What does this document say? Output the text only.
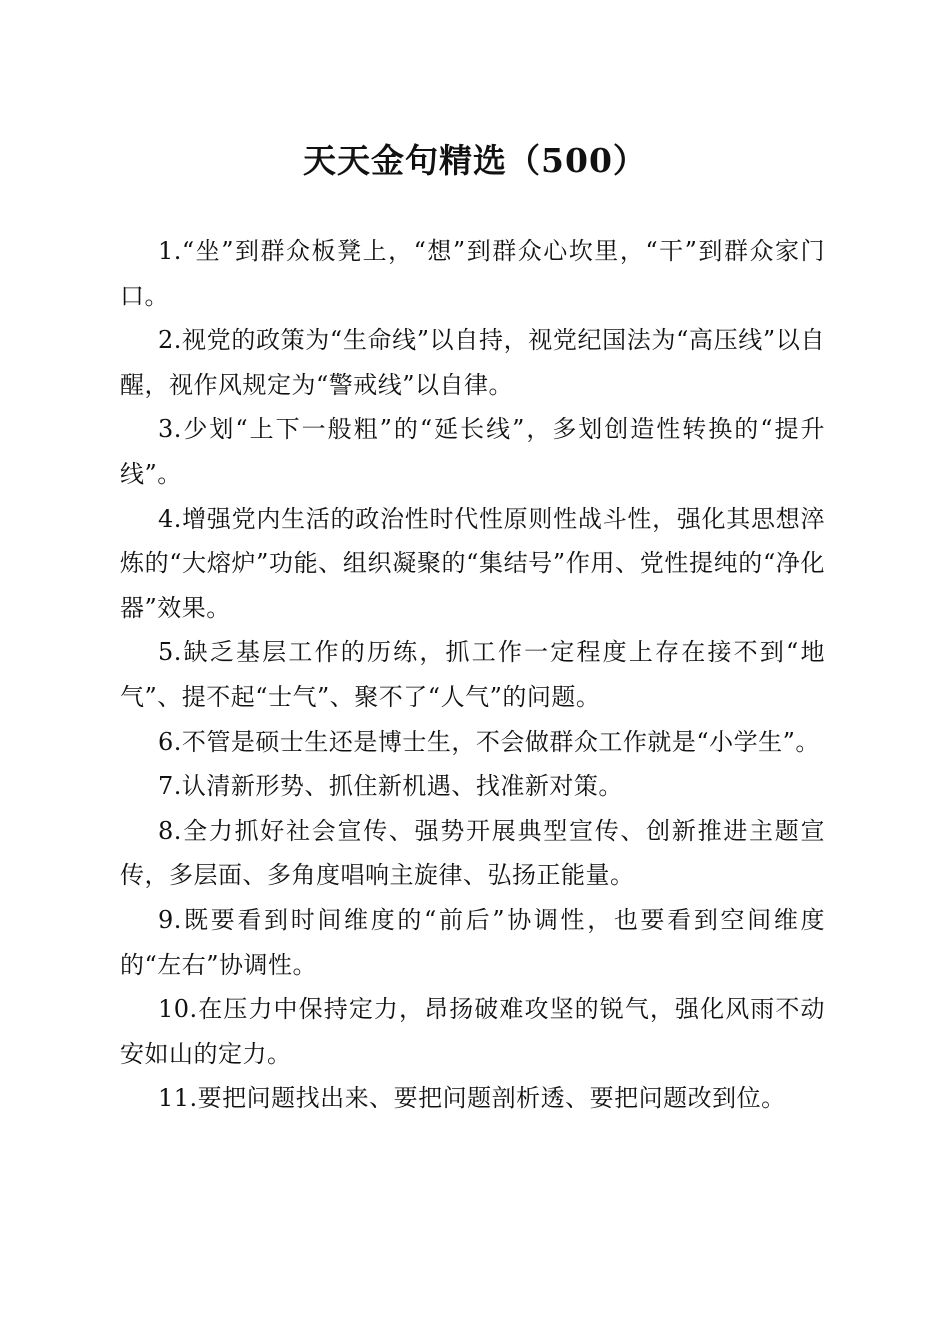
天天金句精选（500）

1.“坐”到群众板凳上，“想”到群众心坎里，“干”到群众家门口。

2.视党的政策为“生命线”以自持，视党纪国法为“高压线”以自醒，视作风规定为“警戒线”以自律。

3.少划“上下一般粗”的“延长线”，多划创造性转换的“提升线”。

4.增强党内生活的政治性时代性原则性战斗性，强化其思想淬炼的“大熔炉”功能、组织凝聚的“集结号”作用、党性提纯的“净化器”效果。

5.缺乏基层工作的历练，抓工作一定程度上存在接不到“地气”、提不起“士气”、聚不了“人气”的问题。

6.不管是硕士生还是博士生，不会做群众工作就是“小学生”。

7.认清新形势、抓住新机遇、找准新对策。

8.全力抓好社会宣传、强势开展典型宣传、创新推进主题宣传，多层面、多角度唱响主旋律、弘扬正能量。

9.既要看到时间维度的“前后”协调性，也要看到空间维度的“左右”协调性。

10.在压力中保持定力，昂扬破难攻坚的锐气，强化风雨不动安如山的定力。

11.要把问题找出来、要把问题剖析透、要把问题改到位。
